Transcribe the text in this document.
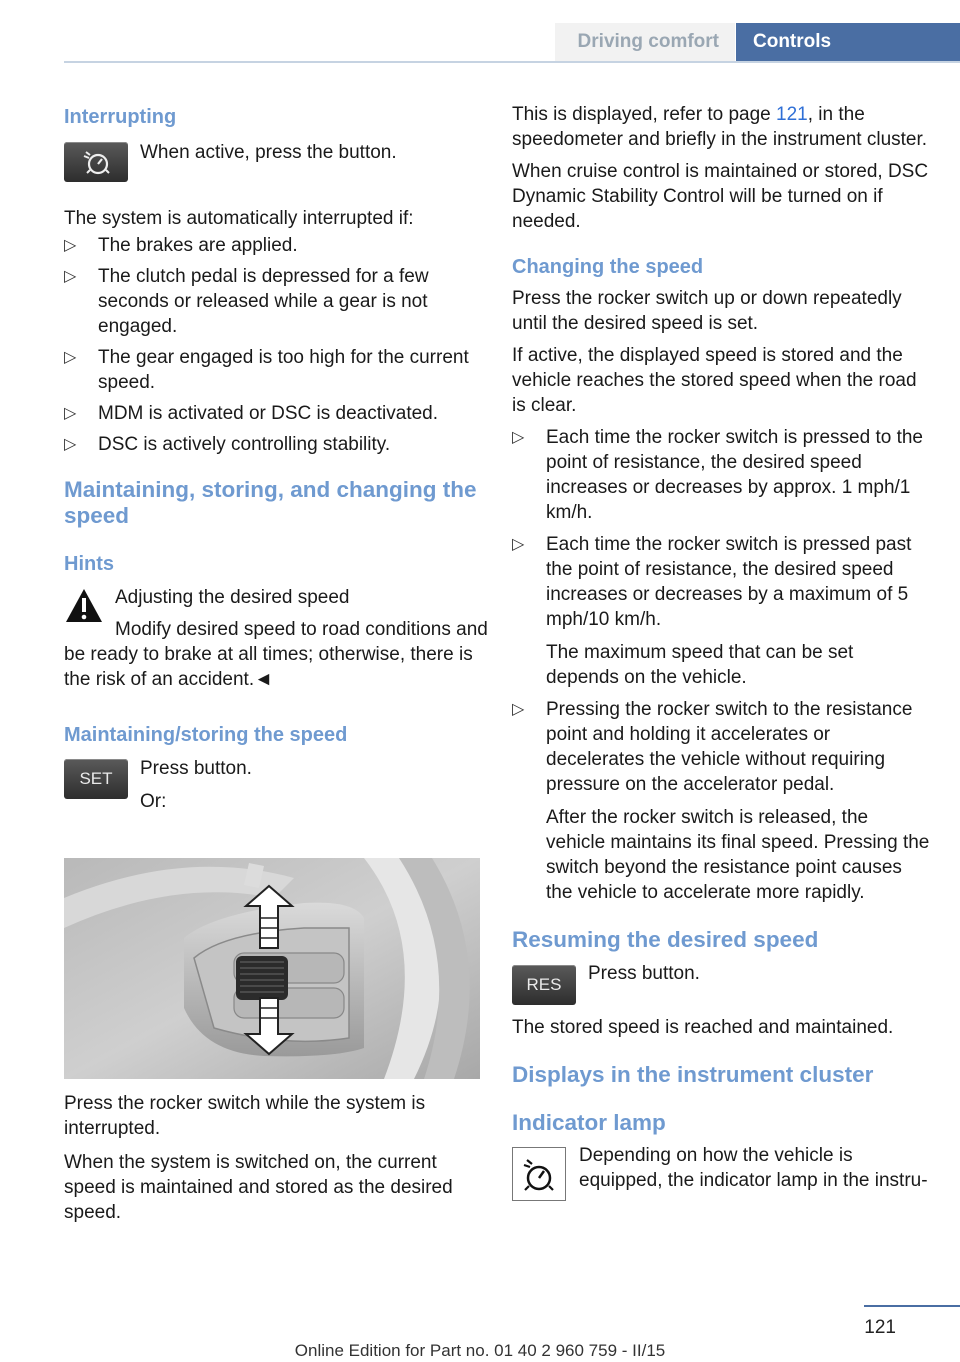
Driving comfort Controls
Interrupting

When active, press the button.

The system is automatically interrupted if:

▷ The brakes are applied.
▷ The clutch pedal is depressed for a few seconds or released while a gear is not engaged.
▷ The gear engaged is too high for the current speed.
▷ MDM is activated or DSC is deactivated.
▷ DSC is actively controlling stability.
Maintaining, storing, and changing the speed
Hints

Adjusting the desired speed

Modify desired speed to road conditions and be ready to brake at all times; otherwise, there is the risk of an accident.◄

Maintaining/storing the speed
SET Press button.

Or:

Press the rocker switch while the system is interrupted.

When the system is switched on, the current speed is maintained and stored as the desired speed.

This is displayed, refer to page 121, in the speedometer and briefly in the instrument cluster.

When cruise control is maintained or stored, DSC Dynamic Stability Control will be turned on if needed.

Changing the speed

Press the rocker switch up or down repeatedly until the desired speed is set.

If active, the displayed speed is stored and the vehicle reaches the stored speed when the road is clear.

▷ Each time the rocker switch is pressed to the point of resistance, the desired speed increases or decreases by approx. 1 mph/1 km/h.

▷ Each time the rocker switch is pressed past the point of resistance, the desired speed increases or decreases by a maximum of 5 mph/10 km/h.

The maximum speed that can be set depends on the vehicle.

▷ Pressing the rocker switch to the resistance point and holding it accelerates or decelerates the vehicle without requiring pressure on the accelerator pedal.

After the rocker switch is released, the vehicle maintains its final speed. Pressing the switch beyond the resistance point causes the vehicle to accelerate more rapidly.

Resuming the desired speed
RES

Press button.

The stored speed is reached and maintained.

Displays in the instrument cluster
Indicator lamp

Depending on how the vehicle is equipped, the indicator lamp in the instru-

121
Online Edition for Part no. 01 40 2 960 759 - II/15
